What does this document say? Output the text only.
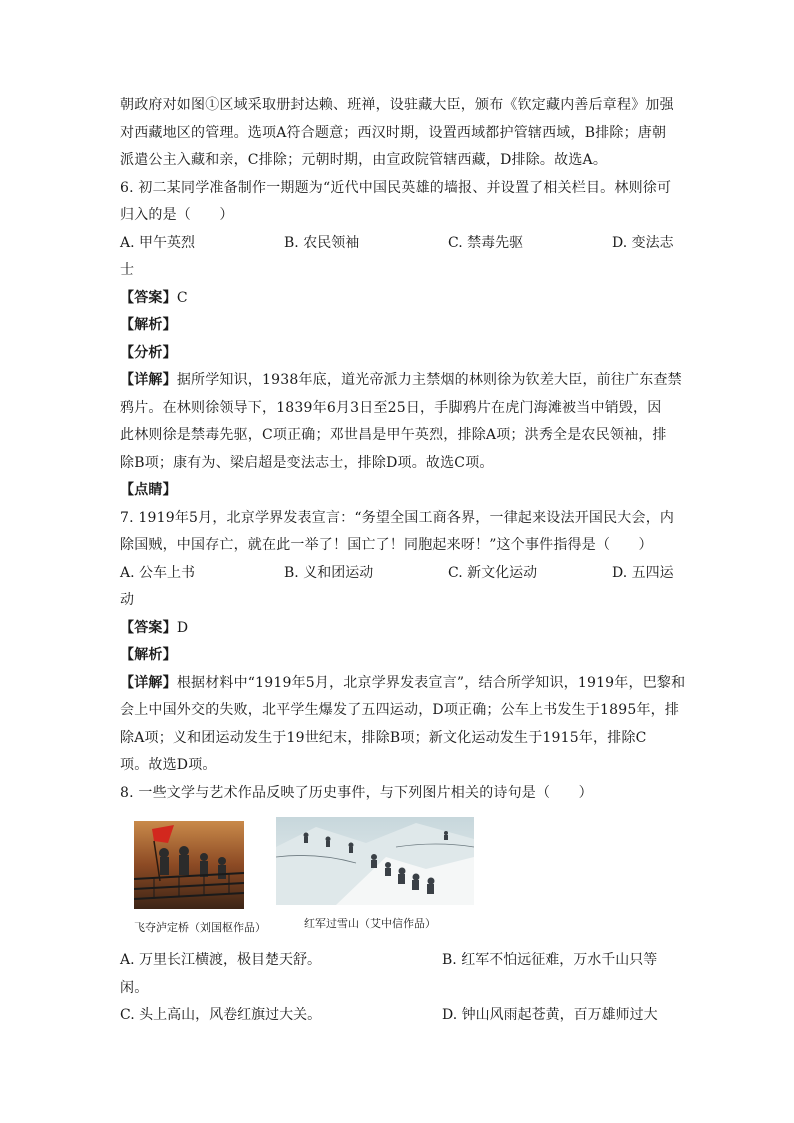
朝政府对如图①区域采取册封达赖、班禅，设驻藏大臣，颁布《钦定藏内善后章程》加强
对西藏地区的管理。选项A符合题意；西汉时期，设置西域都护管辖西域，B排除；唐朝
派遣公主入藏和亲，C排除；元朝时期，由宣政院管辖西藏，D排除。故选A。
6. 初二某同学准备制作一期题为“近代中国民英雄的墙报、并设置了相关栏目。林则徐可
归入的是（　　）
A. 甲午英烈	B. 农民领袖	C. 禁毒先驱	D. 变法志
士
【答案】C
【解析】
【分析】
【详解】据所学知识，1938年底，道光帝派力主禁烟的林则徐为钦差大臣，前往广东查禁
鸦片。在林则徐领导下，1839年6月3日至25日，手脚鸦片在虎门海滩被当中销毁，因
此林则徐是禁毒先驱，C项正确；邓世昌是甲午英烈，排除A项；洪秀全是农民领袖，排
除B项；康有为、梁启超是变法志士，排除D项。故选C项。
【点睛】
7. 1919年5月，北京学界发表宣言：“务望全国工商各界，一律起来设法开国民大会，内
除国贼，中国存亡，就在此一举了！国亡了！同胞起来呀！”这个事件指得是（　　）
A. 公车上书	B. 义和团运动	C. 新文化运动	D. 五四运
动
【答案】D
【解析】
【详解】根据材料中“1919年5月，北京学界发表宣言”，结合所学知识，1919年，巴黎和
会上中国外交的失败，北平学生爆发了五四运动，D项正确；公车上书发生于1895年，排
除A项；义和团运动发生于19世纪末，排除B项；新文化运动发生于1915年，排除C
项。故选D项。
8. 一些文学与艺术作品反映了历史事件，与下列图片相关的诗句是（　　）
飞夺泸定桥（刘国枢作品）	红军过雪山（艾中信作品）
A. 万里长江横渡，极目楚天舒。	B. 红军不怕远征难，万水千山只等
闲。
C. 头上高山，风卷红旗过大关。	D. 钟山风雨起苍黄，百万雄师过大
